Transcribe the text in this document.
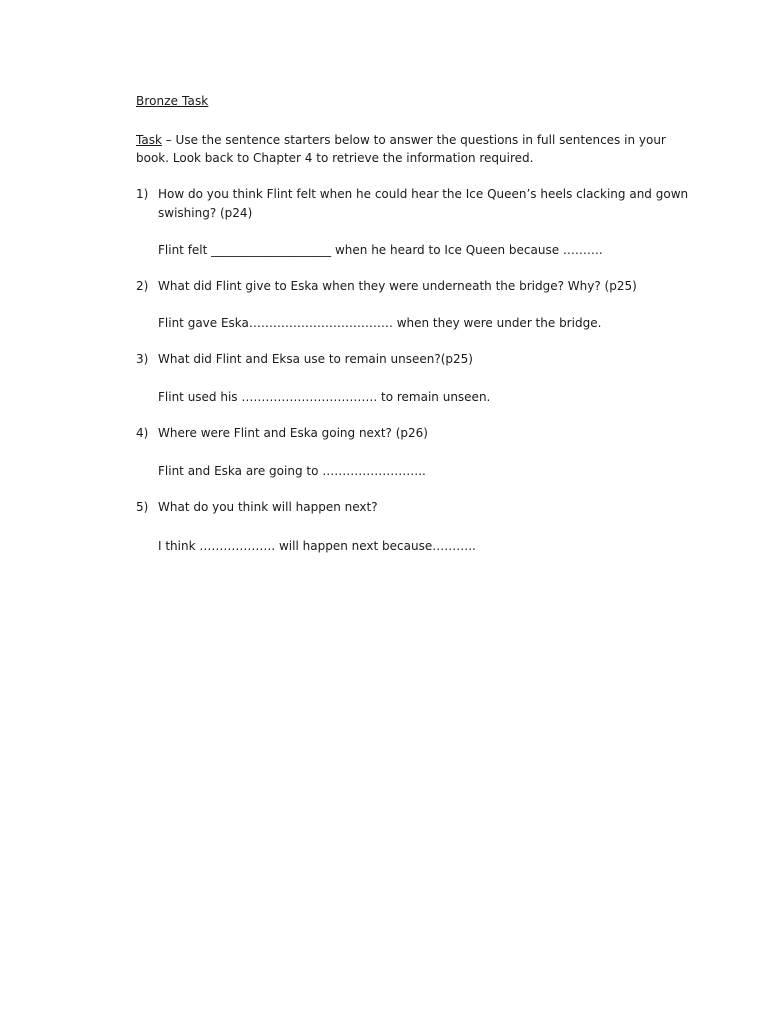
Bronze Task
Task – Use the sentence starters below to answer the questions in full sentences in your book. Look back to Chapter 4 to retrieve the information required.
1) How do you think Flint felt when he could hear the Ice Queen’s heels clacking and gown swishing? (p24)
Flint felt ____________________ when he heard to Ice Queen because ……….
2) What did Flint give to Eska when they were underneath the bridge? Why? (p25)
Flint gave Eska……………………………… when they were under the bridge.
3) What did Flint and Eksa use to remain unseen?(p25)
Flint used his ……………………………. to remain unseen.
4) Where were Flint and Eska going next? (p26)
Flint and Eska are going to ……………………..
5) What do you think will happen next?
I think ………………. will happen next because………..
